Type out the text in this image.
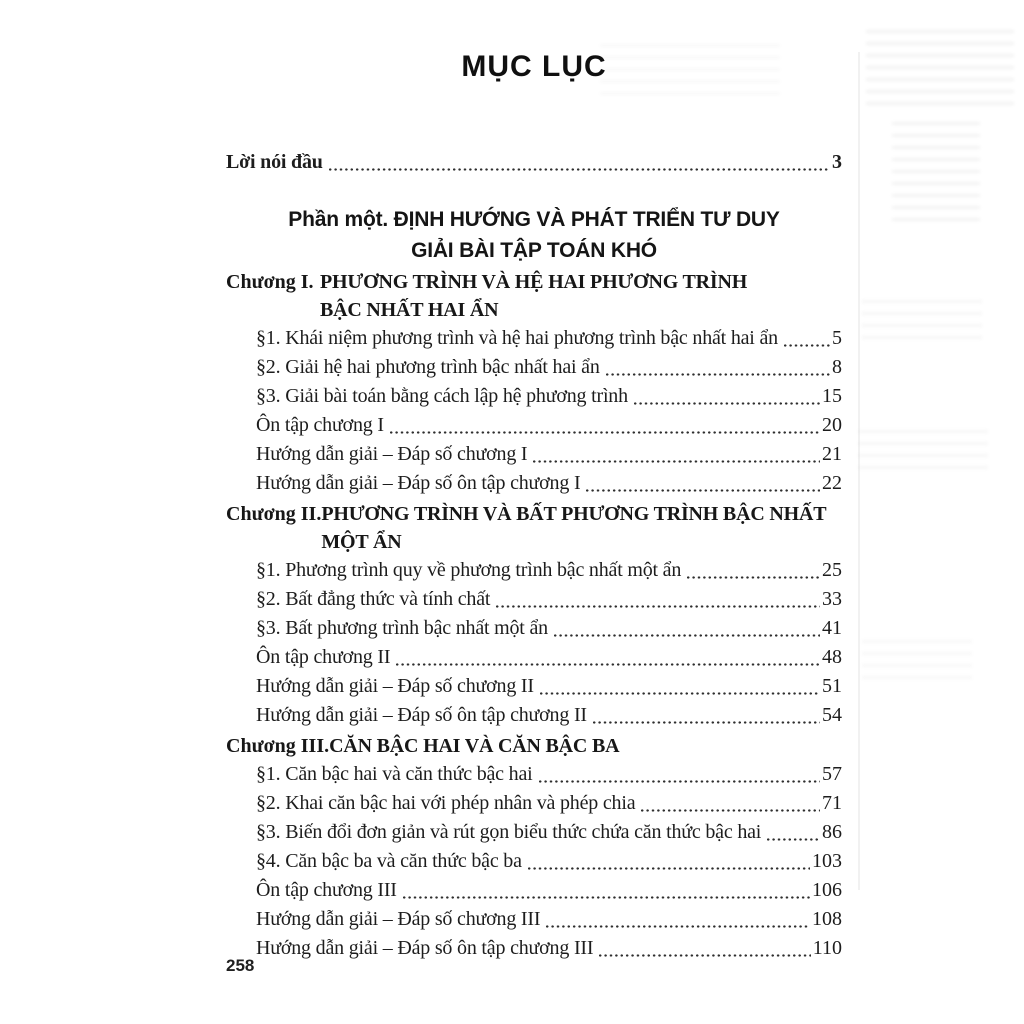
MỤC LỤC
Lời nói đầu	3
Phần một. ĐỊNH HƯỚNG VÀ PHÁT TRIỂN TƯ DUY
GIẢI BÀI TẬP TOÁN KHÓ
Chương I. PHƯƠNG TRÌNH VÀ HỆ HAI PHƯƠNG TRÌNH
BẬC NHẤT HAI ẨN
§1. Khái niệm phương trình và hệ hai phương trình bậc nhất hai ẩn	5
§2. Giải hệ hai phương trình bậc nhất hai ẩn	8
§3. Giải bài toán bằng cách lập hệ phương trình	15
Ôn tập chương I	20
Hướng dẫn giải – Đáp số chương I	21
Hướng dẫn giải – Đáp số ôn tập chương I	22
Chương II. PHƯƠNG TRÌNH VÀ BẤT PHƯƠNG TRÌNH BẬC NHẤT
MỘT ẨN
§1. Phương trình quy về phương trình bậc nhất một ẩn	25
§2. Bất đẳng thức và tính chất	33
§3. Bất phương trình bậc nhất một ẩn	41
Ôn tập chương II	48
Hướng dẫn giải – Đáp số chương II	51
Hướng dẫn giải – Đáp số ôn tập chương II	54
Chương III. CĂN BẬC HAI VÀ CĂN BẬC BA
§1. Căn bậc hai và căn thức bậc hai	57
§2. Khai căn bậc hai với phép nhân và phép chia	71
§3. Biến đổi đơn giản và rút gọn biểu thức chứa căn thức bậc hai	86
§4. Căn bậc ba và căn thức bậc ba	103
Ôn tập chương III	106
Hướng dẫn giải – Đáp số chương III	108
Hướng dẫn giải – Đáp số ôn tập chương III	110
258
